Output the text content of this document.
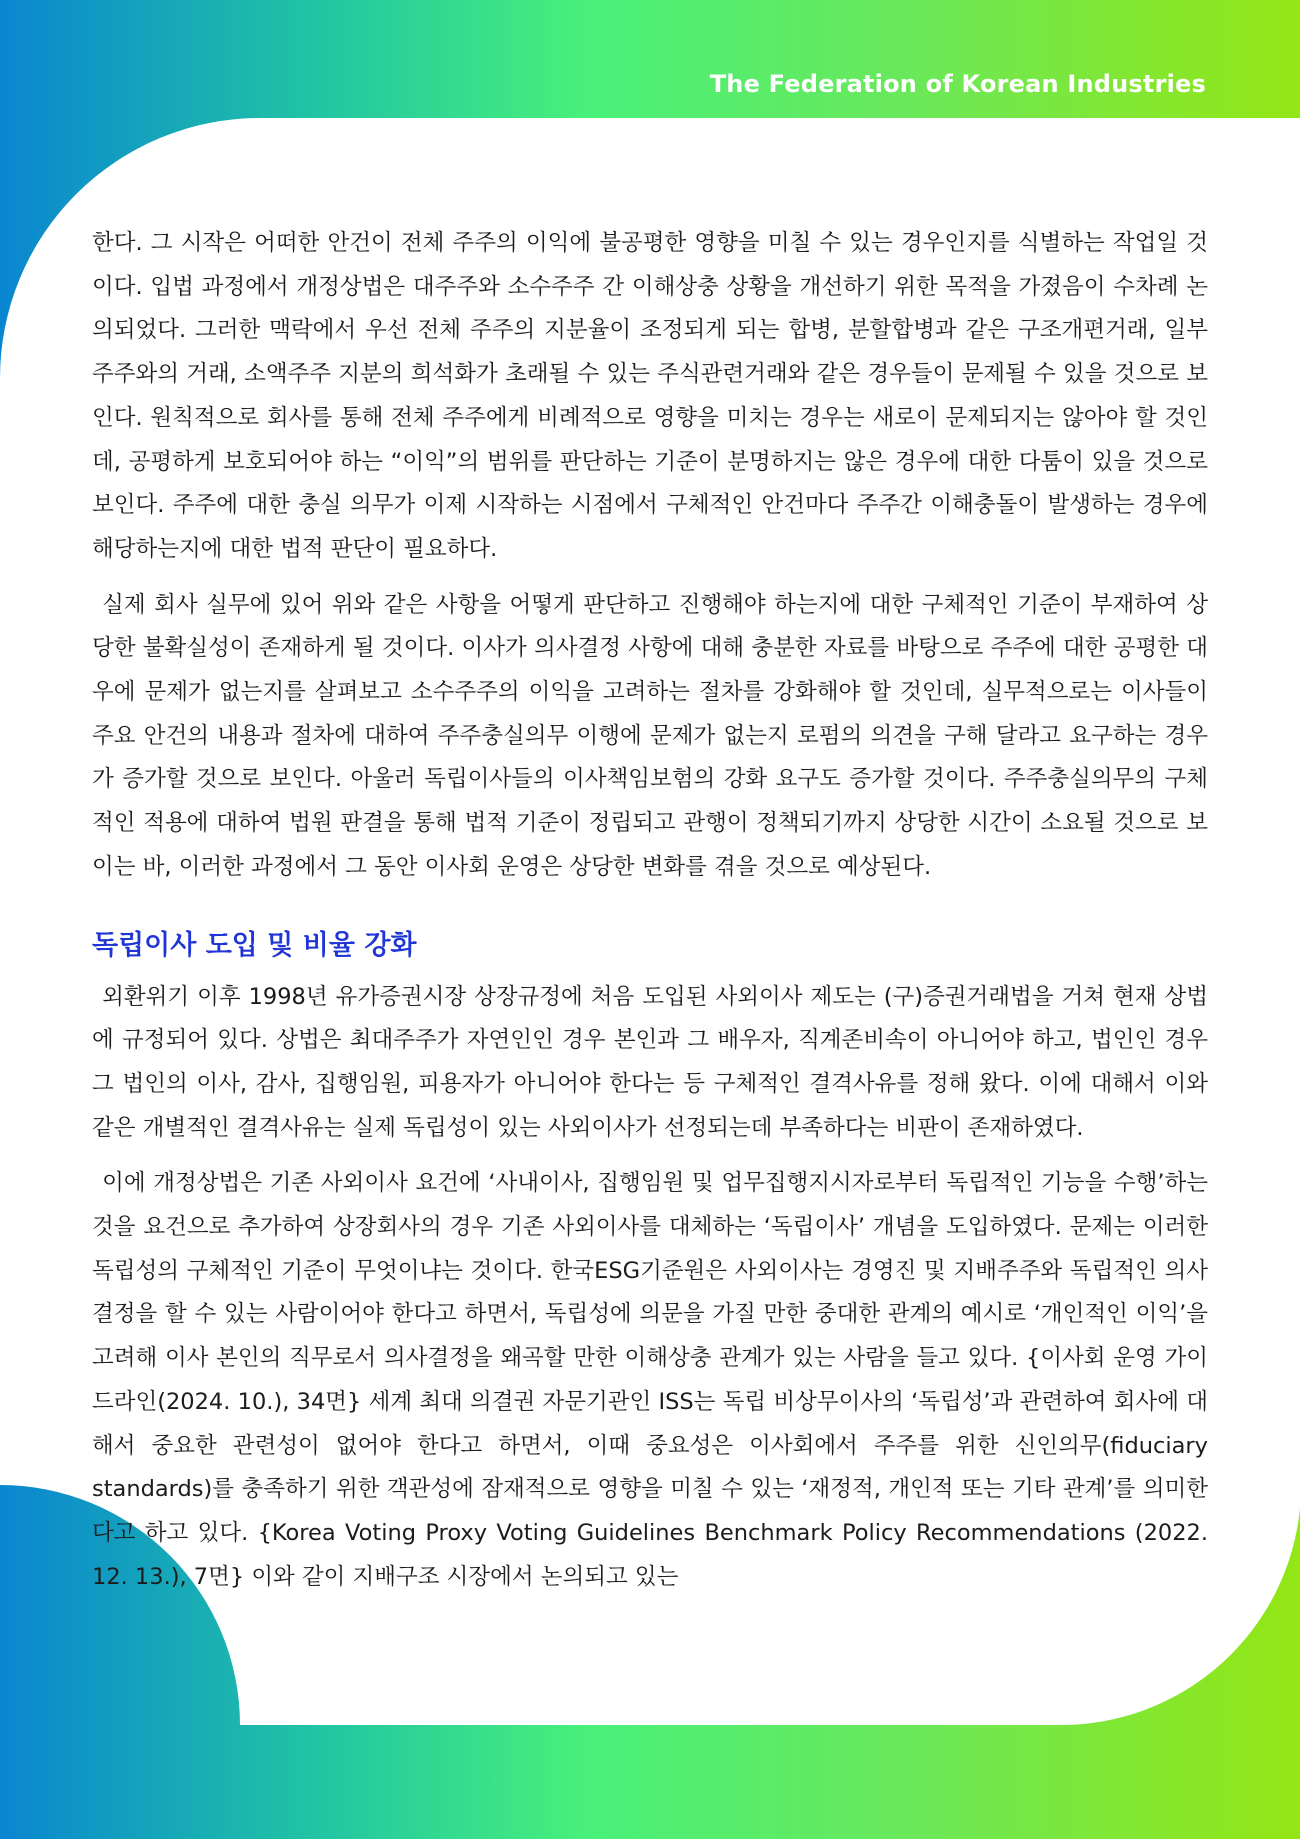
The Federation of Korean Industries

한다. 그 시작은 어떠한 안건이 전체 주주의 이익에 불공평한 영향을 미칠 수 있는 경우인지를 식별하는 작업일 것이다. 입법 과정에서 개정상법은 대주주와 소수주주 간 이해상충 상황을 개선하기 위한 목적을 가졌음이 수차례 논의되었다. 그러한 맥락에서 우선 전체 주주의 지분율이 조정되게 되는 합병, 분할합병과 같은 구조개편거래, 일부 주주와의 거래, 소액주주 지분의 희석화가 초래될 수 있는 주식관련거래와 같은 경우들이 문제될 수 있을 것으로 보인다. 원칙적으로 회사를 통해 전체 주주에게 비례적으로 영향을 미치는 경우는 새로이 문제되지는 않아야 할 것인데, 공평하게 보호되어야 하는 “이익”의 범위를 판단하는 기준이 분명하지는 않은 경우에 대한 다툼이 있을 것으로 보인다. 주주에 대한 충실 의무가 이제 시작하는 시점에서 구체적인 안건마다 주주간 이해충돌이 발생하는 경우에 해당하는지에 대한 법적 판단이 필요하다.

실제 회사 실무에 있어 위와 같은 사항을 어떻게 판단하고 진행해야 하는지에 대한 구체적인 기준이 부재하여 상당한 불확실성이 존재하게 될 것이다. 이사가 의사결정 사항에 대해 충분한 자료를 바탕으로 주주에 대한 공평한 대우에 문제가 없는지를 살펴보고 소수주주의 이익을 고려하는 절차를 강화해야 할 것인데, 실무적으로는 이사들이 주요 안건의 내용과 절차에 대하여 주주충실의무 이행에 문제가 없는지 로펌의 의견을 구해 달라고 요구하는 경우가 증가할 것으로 보인다. 아울러 독립이사들의 이사책임보험의 강화 요구도 증가할 것이다. 주주충실의무의 구체적인 적용에 대하여 법원 판결을 통해 법적 기준이 정립되고 관행이 정책되기까지 상당한 시간이 소요될 것으로 보이는 바, 이러한 과정에서 그 동안 이사회 운영은 상당한 변화를 겪을 것으로 예상된다.

독립이사 도입 및 비율 강화

외환위기 이후 1998년 유가증권시장 상장규정에 처음 도입된 사외이사 제도는 (구)증권거래법을 거쳐 현재 상법에 규정되어 있다. 상법은 최대주주가 자연인인 경우 본인과 그 배우자, 직계존비속이 아니어야 하고, 법인인 경우 그 법인의 이사, 감사, 집행임원, 피용자가 아니어야 한다는 등 구체적인 결격사유를 정해 왔다. 이에 대해서 이와 같은 개별적인 결격사유는 실제 독립성이 있는 사외이사가 선정되는데 부족하다는 비판이 존재하였다.

이에 개정상법은 기존 사외이사 요건에 ‘사내이사, 집행임원 및 업무집행지시자로부터 독립적인 기능을 수행’하는 것을 요건으로 추가하여 상장회사의 경우 기존 사외이사를 대체하는 ‘독립이사’ 개념을 도입하였다. 문제는 이러한 독립성의 구체적인 기준이 무엇이냐는 것이다. 한국ESG기준원은 사외이사는 경영진 및 지배주주와 독립적인 의사결정을 할 수 있는 사람이어야 한다고 하면서, 독립성에 의문을 가질 만한 중대한 관계의 예시로 ‘개인적인 이익’을 고려해 이사 본인의 직무로서 의사결정을 왜곡할 만한 이해상충 관계가 있는 사람을 들고 있다. {이사회 운영 가이드라인(2024. 10.), 34면} 세계 최대 의결권 자문기관인 ISS는 독립 비상무이사의 ‘독립성’과 관련하여 회사에 대해서 중요한 관련성이 없어야 한다고 하면서, 이때 중요성은 이사회에서 주주를 위한 신인의무(fiduciary standards)를 충족하기 위한 객관성에 잠재적으로 영향을 미칠 수 있는 ‘재정적, 개인적 또는 기타 관계’를 의미한다고 하고 있다. {Korea Voting Proxy Voting Guidelines Benchmark Policy Recommendations (2022. 12. 13.), 7면} 이와 같이 지배구조 시장에서 논의되고 있는
